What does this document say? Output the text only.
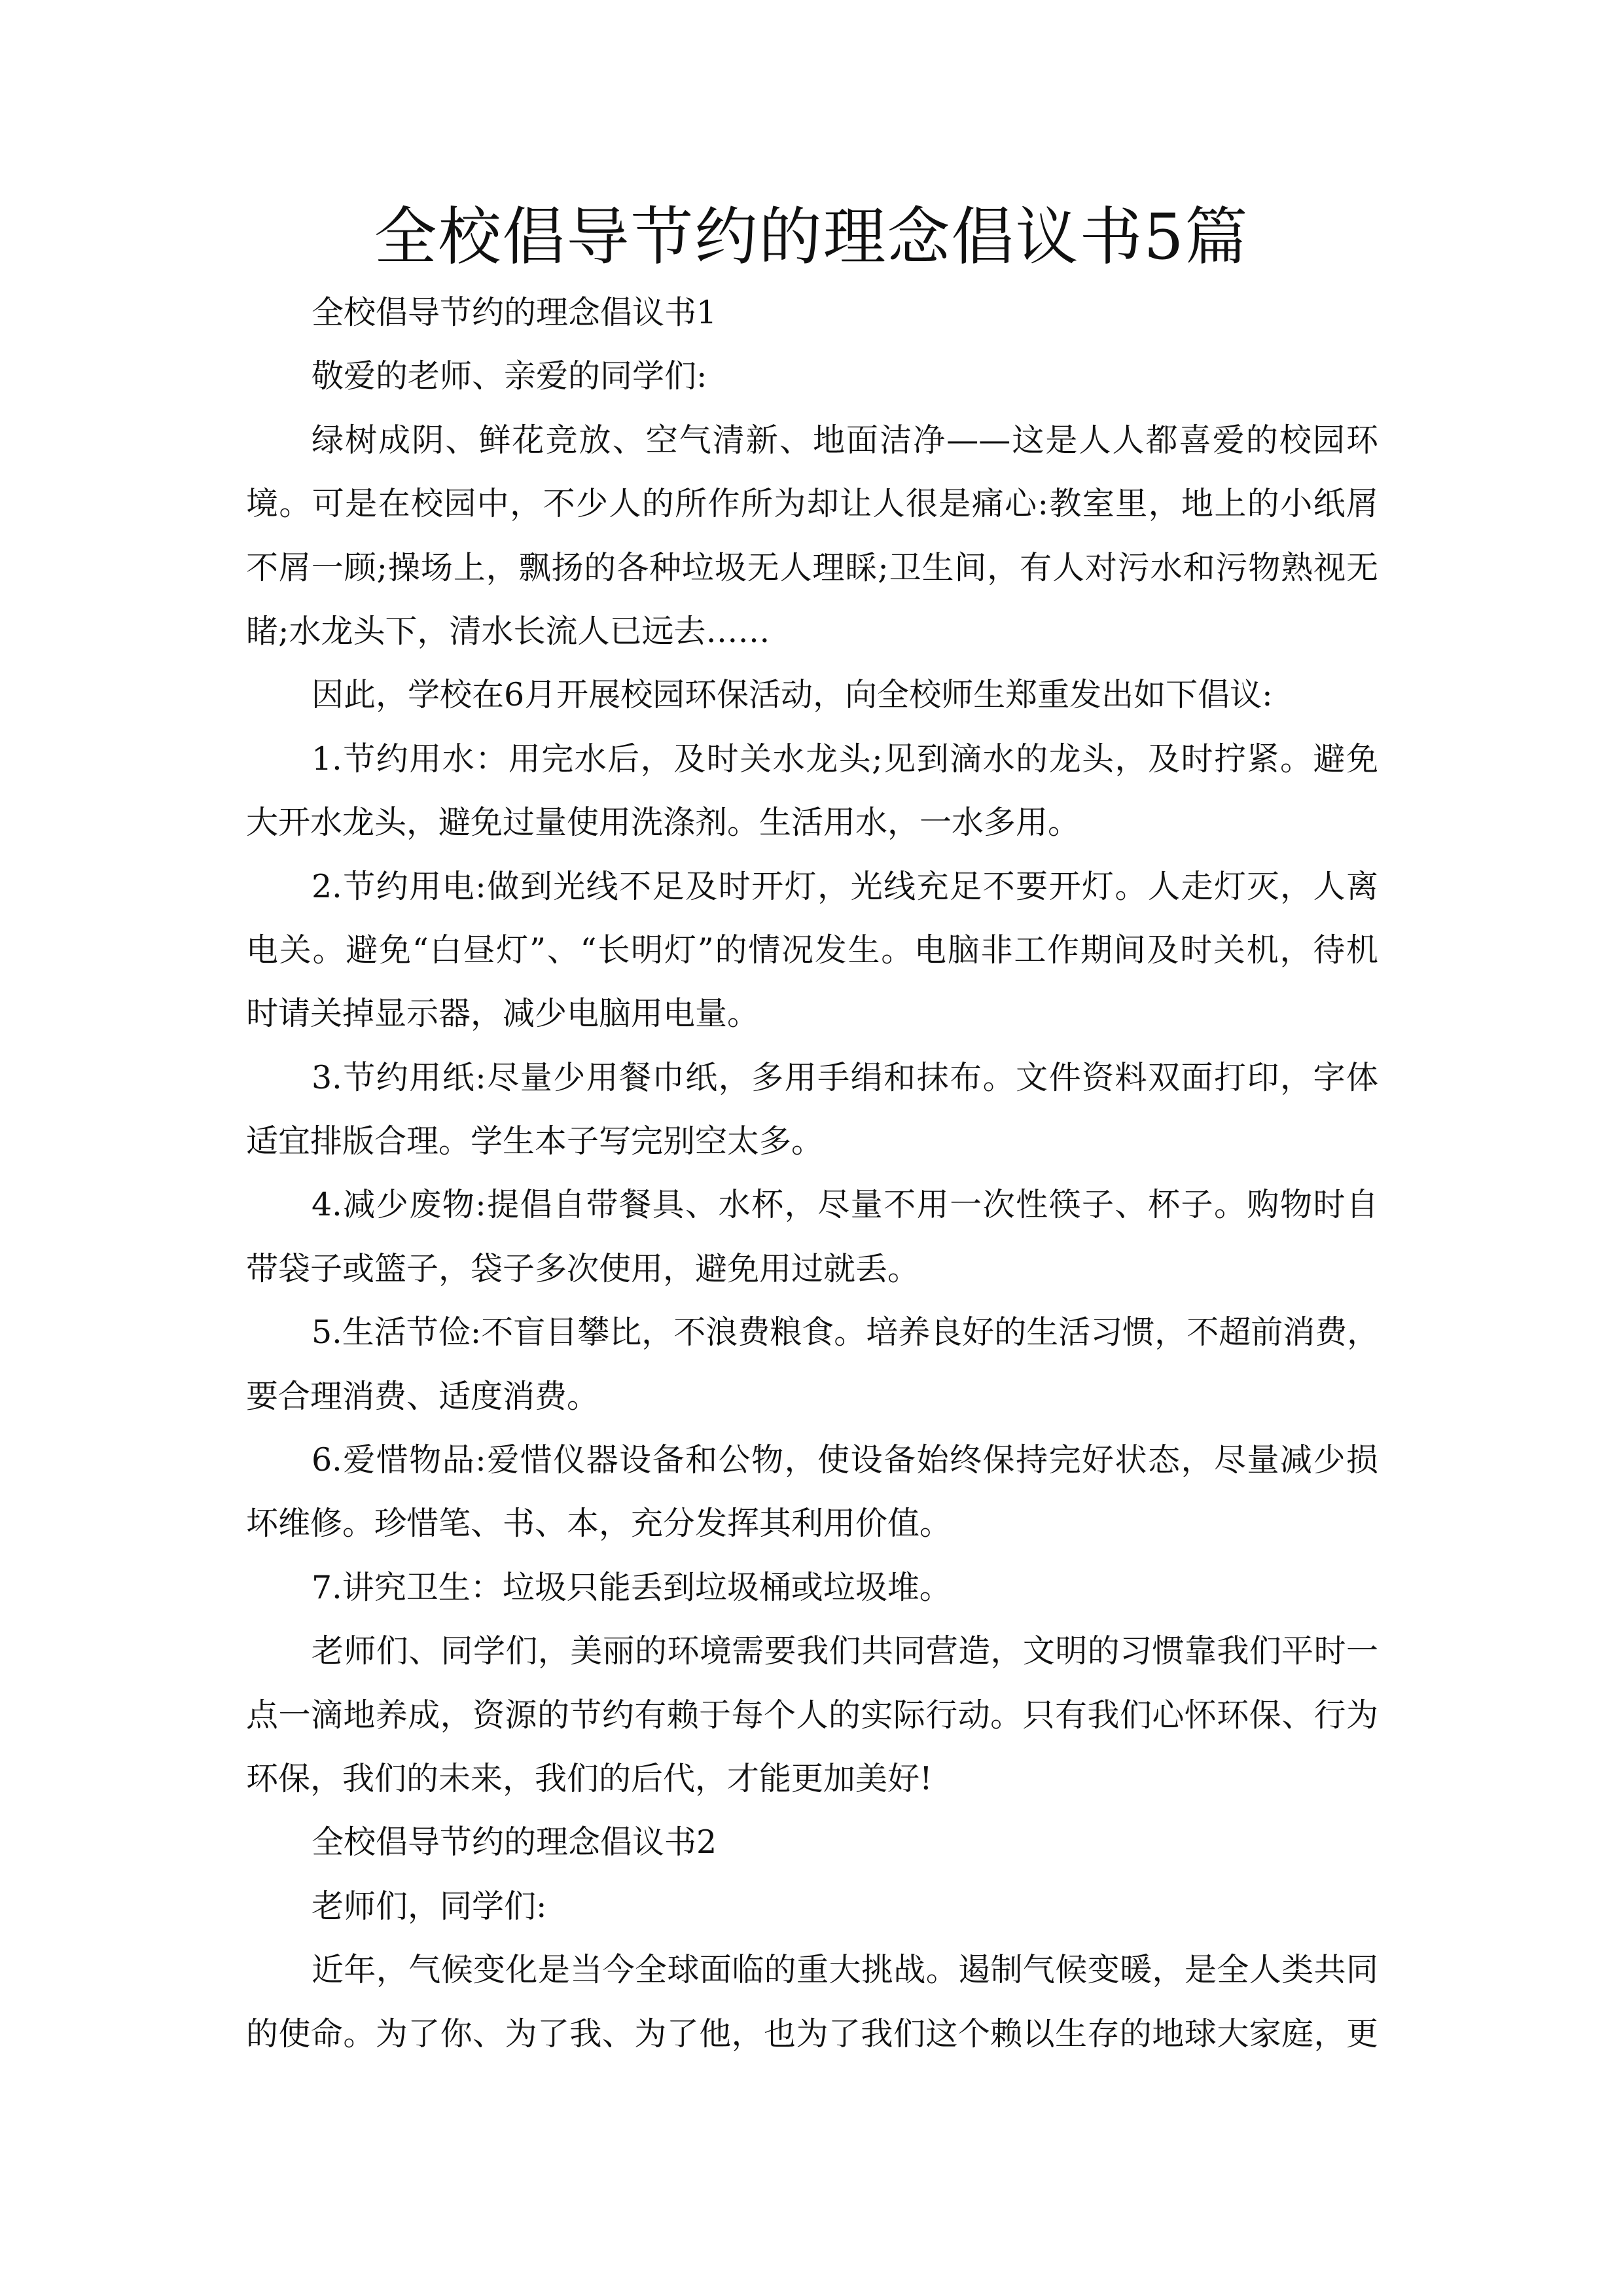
全校倡导节约的理念倡议书5篇
全校倡导节约的理念倡议书1
敬爱的老师、亲爱的同学们:
绿树成阴、鲜花竞放、空气清新、地面洁净——这是人人都喜爱的校园环
境。可是在校园中，不少人的所作所为却让人很是痛心:教室里，地上的小纸屑
不屑一顾;操场上，飘扬的各种垃圾无人理睬;卫生间，有人对污水和污物熟视无
睹;水龙头下，清水长流人已远去……
因此，学校在6月开展校园环保活动，向全校师生郑重发出如下倡议:
1.节约用水：用完水后，及时关水龙头;见到滴水的龙头，及时拧紧。避免
大开水龙头，避免过量使用洗涤剂。生活用水，一水多用。
2.节约用电:做到光线不足及时开灯，光线充足不要开灯。人走灯灭，人离
电关。避免“白昼灯”、“长明灯”的情况发生。电脑非工作期间及时关机，待机
时请关掉显示器，减少电脑用电量。
3.节约用纸:尽量少用餐巾纸，多用手绢和抹布。文件资料双面打印，字体
适宜排版合理。学生本子写完别空太多。
4.减少废物:提倡自带餐具、水杯，尽量不用一次性筷子、杯子。购物时自
带袋子或篮子，袋子多次使用，避免用过就丢。
5.生活节俭:不盲目攀比，不浪费粮食。培养良好的生活习惯，不超前消费，
要合理消费、适度消费。
6.爱惜物品:爱惜仪器设备和公物，使设备始终保持完好状态，尽量减少损
坏维修。珍惜笔、书、本，充分发挥其利用价值。
7.讲究卫生：垃圾只能丢到垃圾桶或垃圾堆。
老师们、同学们，美丽的环境需要我们共同营造，文明的习惯靠我们平时一
点一滴地养成，资源的节约有赖于每个人的实际行动。只有我们心怀环保、行为
环保，我们的未来，我们的后代，才能更加美好!
全校倡导节约的理念倡议书2
老师们，同学们:
近年，气候变化是当今全球面临的重大挑战。遏制气候变暖，是全人类共同
的使命。为了你、为了我、为了他，也为了我们这个赖以生存的地球大家庭，更
